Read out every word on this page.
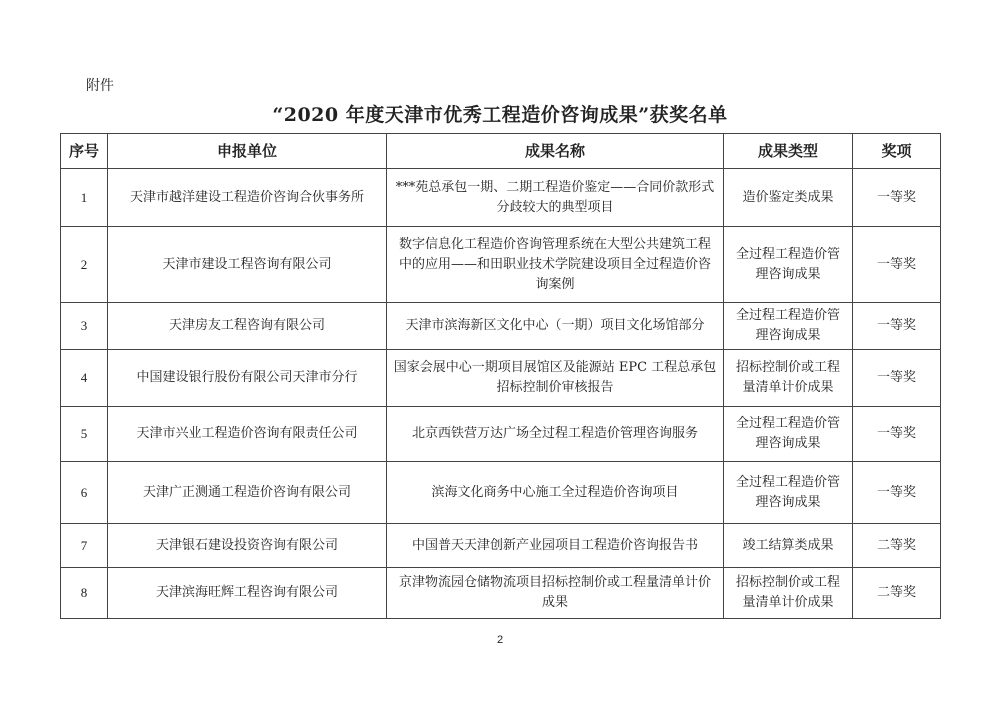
附件
“2020 年度天津市优秀工程造价咨询成果”获奖名单
序号	申报单位	成果名称	成果类型	奖项
1	天津市越洋建设工程造价咨询合伙事务所	***苑总承包一期、二期工程造价鉴定——合同价款形式分歧较大的典型项目	造价鉴定类成果	一等奖
2	天津市建设工程咨询有限公司	数字信息化工程造价咨询管理系统在大型公共建筑工程中的应用——和田职业技术学院建设项目全过程造价咨询案例	全过程工程造价管理咨询成果	一等奖
3	天津房友工程咨询有限公司	天津市滨海新区文化中心（一期）项目文化场馆部分	全过程工程造价管理咨询成果	一等奖
4	中国建设银行股份有限公司天津市分行	国家会展中心一期项目展馆区及能源站 EPC 工程总承包招标控制价审核报告	招标控制价或工程量清单计价成果	一等奖
5	天津市兴业工程造价咨询有限责任公司	北京西铁营万达广场全过程工程造价管理咨询服务	全过程工程造价管理咨询成果	一等奖
6	天津广正测通工程造价咨询有限公司	滨海文化商务中心施工全过程造价咨询项目	全过程工程造价管理咨询成果	一等奖
7	天津银石建设投资咨询有限公司	中国普天天津创新产业园项目工程造价咨询报告书	竣工结算类成果	二等奖
8	天津滨海旺辉工程咨询有限公司	京津物流园仓储物流项目招标控制价或工程量清单计价成果	招标控制价或工程量清单计价成果	二等奖
2
